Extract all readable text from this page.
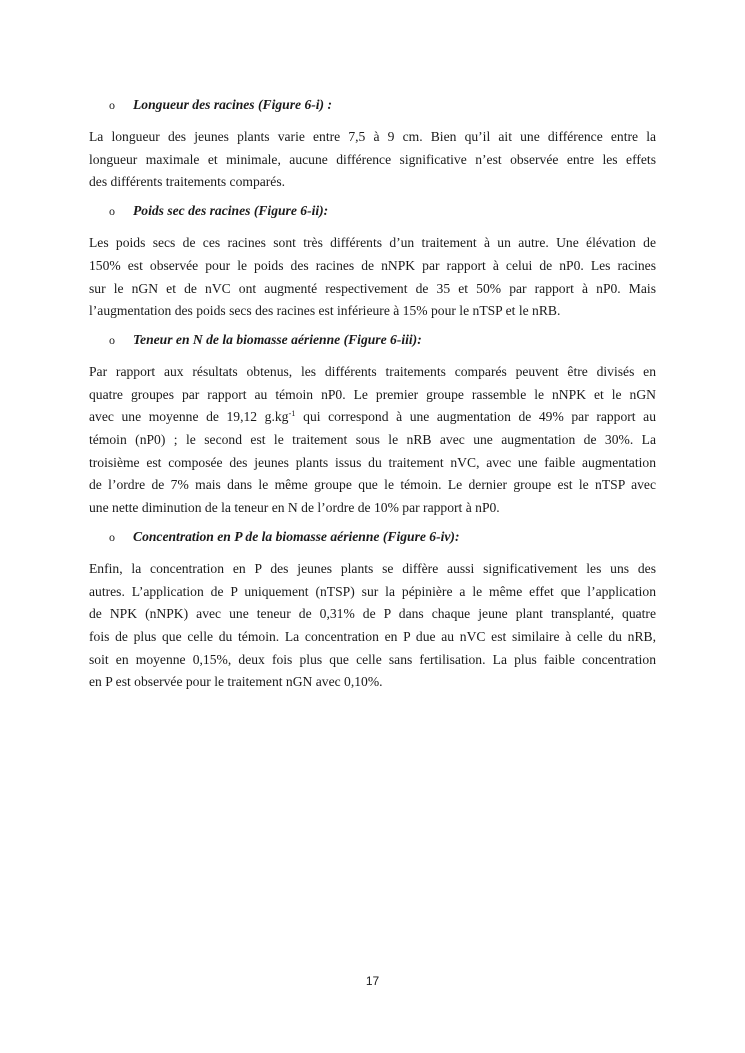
o Longueur des racines (Figure 6-i) :
La longueur des jeunes plants varie entre 7,5 à 9 cm. Bien qu’il ait une différence entre la
longueur maximale et minimale, aucune différence significative n’est observée entre les effets
des différents traitements comparés.
o Poids sec des racines (Figure 6-ii):
Les poids secs de ces racines sont très différents d’un traitement à un autre. Une élévation de
150% est observée pour le poids des racines de nNPK par rapport à celui de nP0. Les racines
sur le nGN et de nVC ont augmenté respectivement de 35 et 50% par rapport à nP0. Mais
l’augmentation des poids secs des racines est inférieure à 15% pour le nTSP et le nRB.
o Teneur en N de la biomasse aérienne (Figure 6-iii):
Par rapport aux résultats obtenus, les différents traitements comparés peuvent être divisés en
quatre groupes par rapport au témoin nP0. Le premier groupe rassemble le nNPK et le nGN
avec une moyenne de 19,12 $g.kg^{-1}$ qui correspond à une augmentation de 49% par rapport au
témoin (nP0) ; le second est le traitement sous le nRB avec une augmentation de 30%. La
troisième est composée des jeunes plants issus du traitement nVC, avec une faible augmentation
de l’ordre de 7% mais dans le même groupe que le témoin. Le dernier groupe est le nTSP avec
une nette diminution de la teneur en N de l’ordre de 10% par rapport à nP0.
o Concentration en P de la biomasse aérienne (Figure 6-iv):
Enfin, la concentration en P des jeunes plants se diffère aussi significativement les uns des
autres. L’application de P uniquement (nTSP) sur la pépinière a le même effet que l’application
de NPK (nNPK) avec une teneur de 0,31% de P dans chaque jeune plant transplanté, quatre
fois de plus que celle du témoin. La concentration en P due au nVC est similaire à celle du nRB,
soit en moyenne 0,15%, deux fois plus que celle sans fertilisation. La plus faible concentration
en P est observée pour le traitement nGN avec 0,10%.
17
